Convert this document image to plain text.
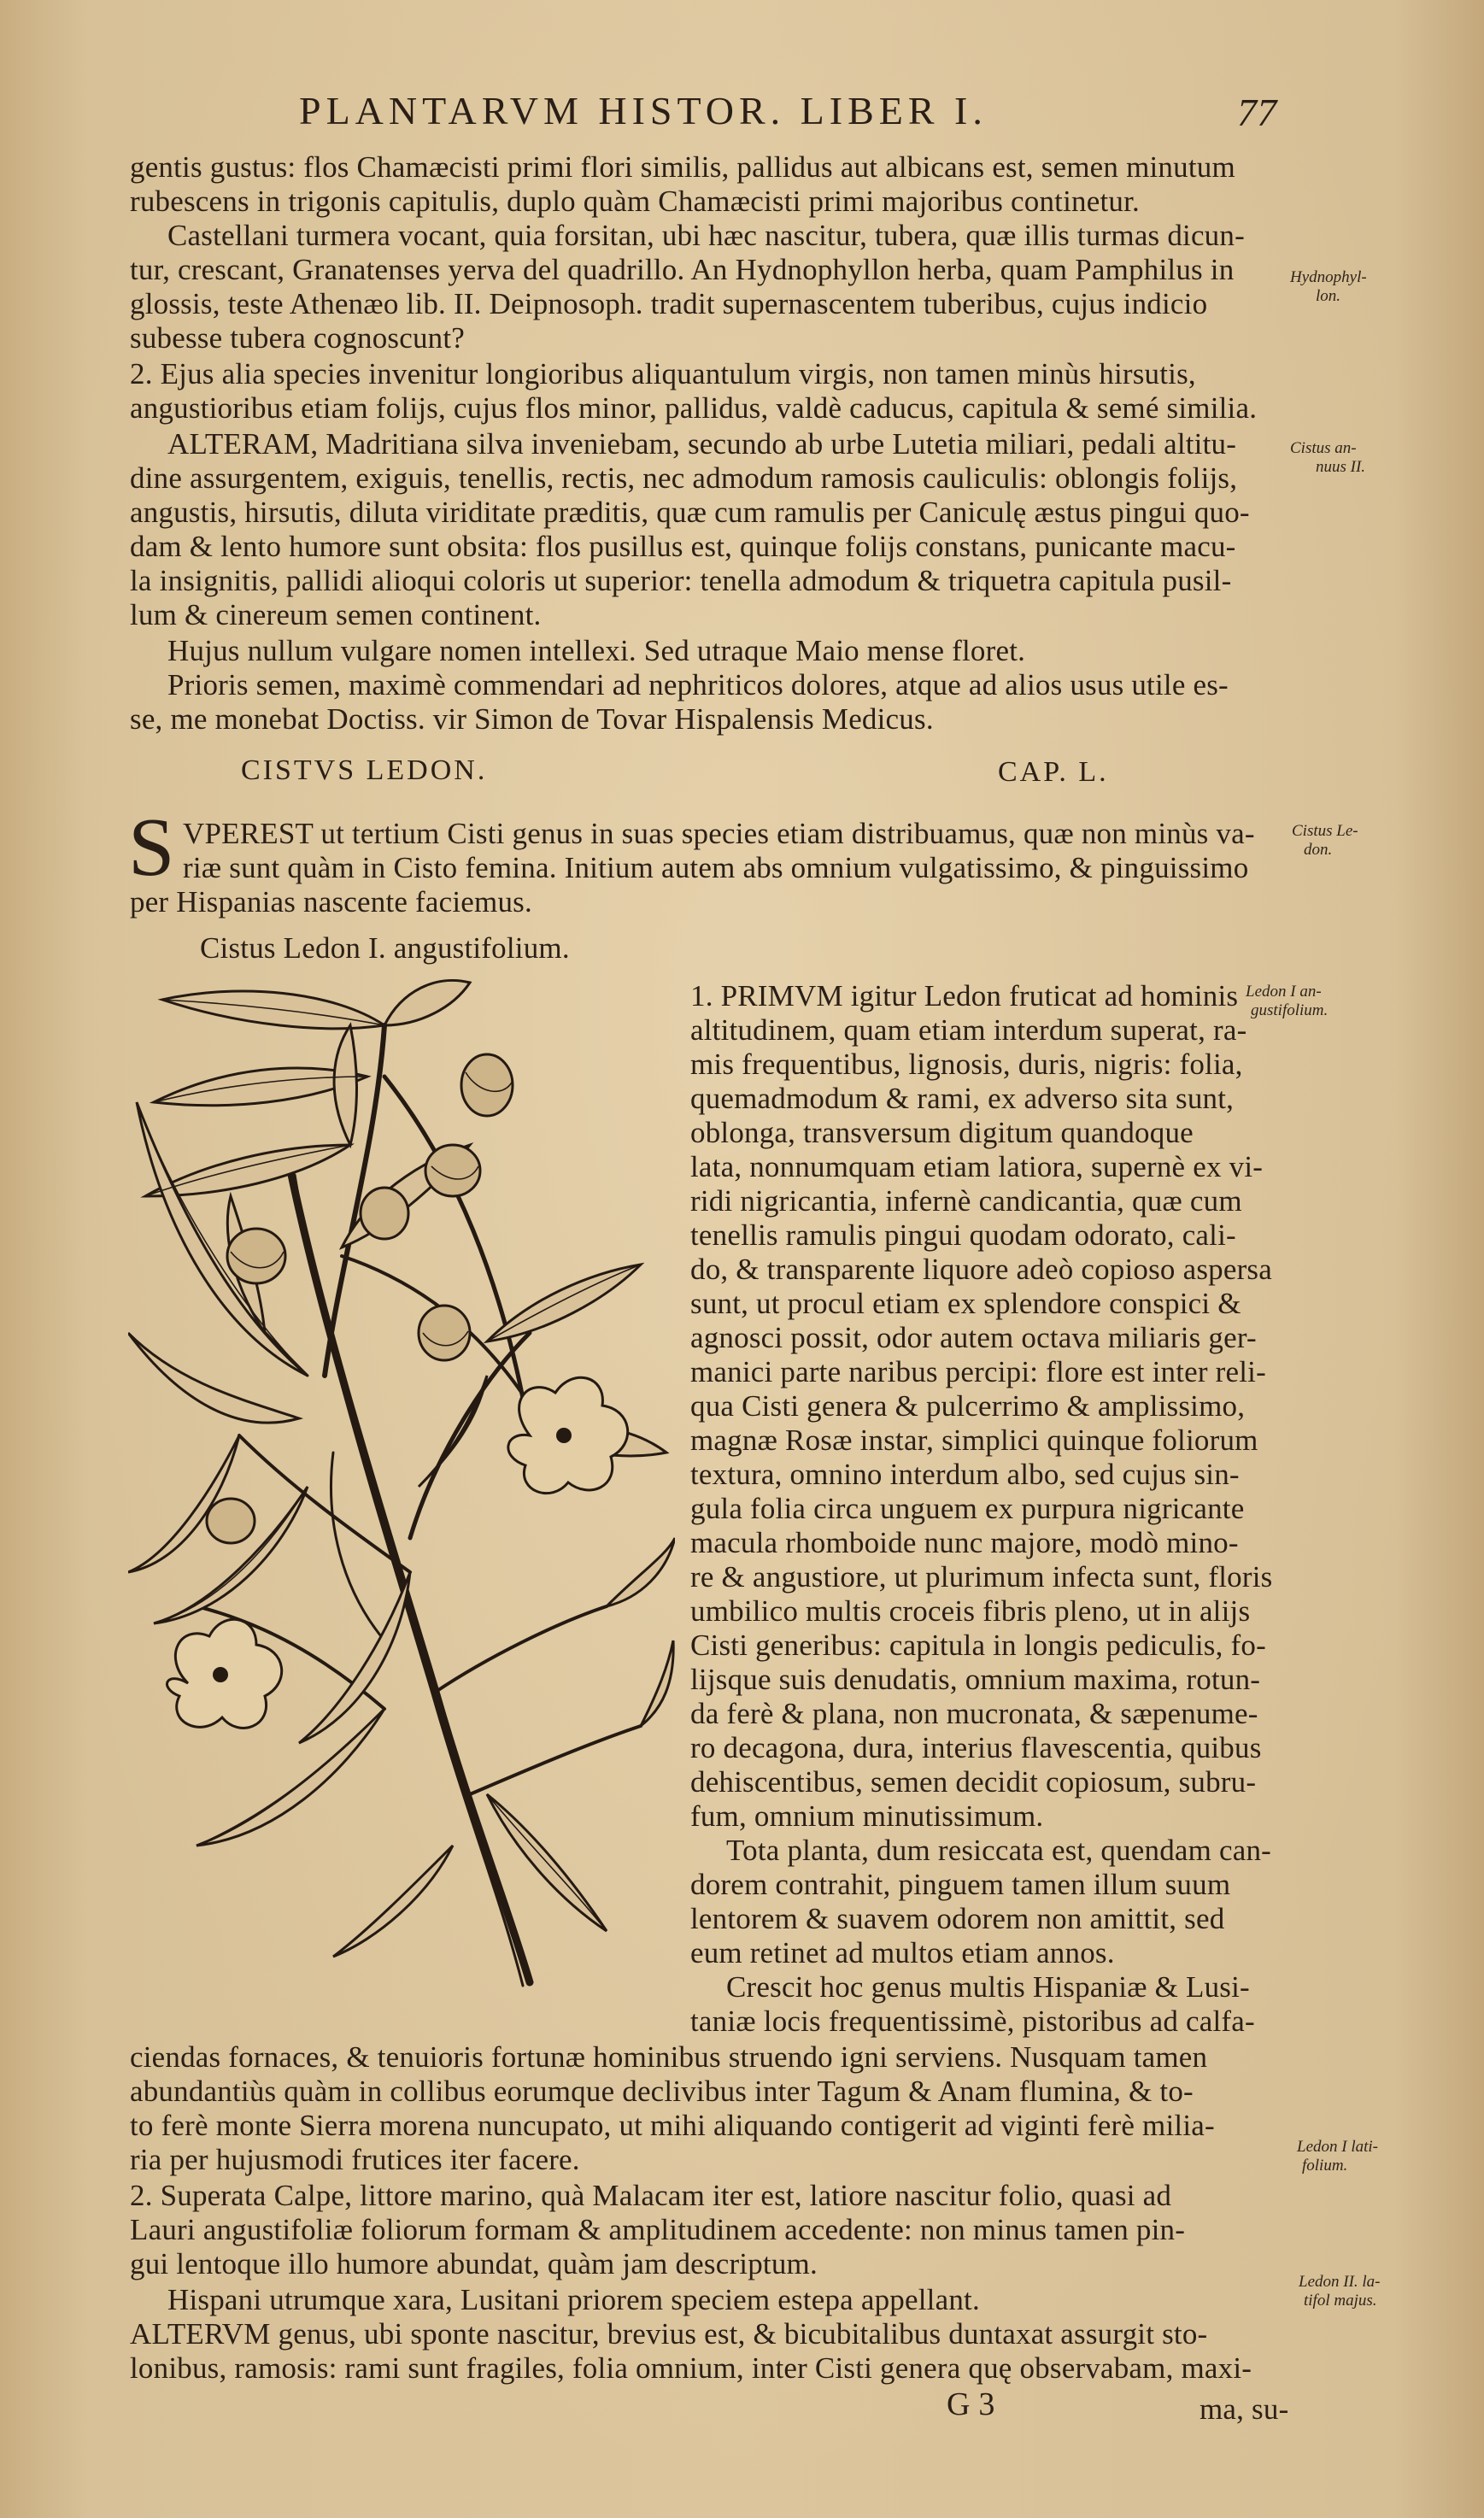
PLANTARVM HISTOR. LIBER I.	77
gentis gustus: flos Chamæcisti primi flori similis, pallidus aut albicans est, semen minutum
rubescens in trigonis capitulis, duplo quàm Chamæcisti primi majoribus continetur.
Castellani turmera vocant, quia forsitan, ubi hæc nascitur, tubera, quæ illis turmas dicun-
tur, crescant, Granatenses yerva del quadrillo. An Hydnophyllon herba, quam Pamphilus in
glossis, teste Athenæo lib. II. Deipnosoph. tradit supernascentem tuberibus, cujus indicio
subesse tubera cognoscunt?
2. Ejus alia species invenitur longioribus aliquantulum virgis, non tamen minùs hirsutis,
angustioribus etiam folijs, cujus flos minor, pallidus, valdè caducus, capitula & semé similia.
ALTERAM, Madritiana silva inveniebam, secundo ab urbe Lutetia miliari, pedali altitu-
dine assurgentem, exiguis, tenellis, rectis, nec admodum ramosis cauliculis: oblongis folijs,
angustis, hirsutis, diluta viriditate præditis, quæ cum ramulis per Caniculę æstus pingui quo-
dam & lento humore sunt obsita: flos pusillus est, quinque folijs constans, punicante macu-
la insignitis, pallidi alioqui coloris ut superior: tenella admodum & triquetra capitula pusil-
lum & cinereum semen continent.
Hujus nullum vulgare nomen intellexi. Sed utraque Maio mense floret.
Prioris semen, maximè commendari ad nephriticos dolores, atque ad alios usus utile es-
se, me monebat Doctiss. vir Simon de Tovar Hispalensis Medicus.
Hydnophyl-
lon.
Cistus an-
nuus II.
Cistus Le-
don.
Ledon I an-
gustifolium.
Ledon I lati-
folium.
Ledon II. la-
tifol majus.
CISTVS LEDON.	CAP. L.
S VPEREST ut tertium Cisti genus in suas species etiam distribuamus, quæ non minùs va-
riæ sunt quàm in Cisto femina. Initium autem abs omnium vulgatissimo, & pinguissimo
per Hispanias nascente faciemus.
Cistus Ledon I. angustifolium.
1. PRIMVM igitur Ledon fruticat ad hominis
altitudinem, quam etiam interdum superat, ra-
mis frequentibus, lignosis, duris, nigris: folia,
quemadmodum & rami, ex adverso sita sunt,
oblonga, transversum digitum quandoque
lata, nonnumquam etiam latiora, supernè ex vi-
ridi nigricantia, infernè candicantia, quæ cum
tenellis ramulis pingui quodam odorato, cali-
do, & transparente liquore adeò copioso aspersa
sunt, ut procul etiam ex splendore conspici &
agnosci possit, odor autem octava miliaris ger-
manici parte naribus percipi: flore est inter reli-
qua Cisti genera & pulcerrimo & amplissimo,
magnæ Rosæ instar, simplici quinque foliorum
textura, omnino interdum albo, sed cujus sin-
gula folia circa unguem ex purpura nigricante
macula rhomboide nunc majore, modò mino-
re & angustiore, ut plurimum infecta sunt, floris
umbilico multis croceis fibris pleno, ut in alijs
Cisti generibus: capitula in longis pediculis, fo-
lijsque suis denudatis, omnium maxima, rotun-
da ferè & plana, non mucronata, & sæpenume-
ro decagona, dura, interius flavescentia, quibus
dehiscentibus, semen decidit copiosum, subru-
fum, omnium minutissimum.
Tota planta, dum resiccata est, quendam can-
dorem contrahit, pinguem tamen illum suum
lentorem & suavem odorem non amittit, sed
eum retinet ad multos etiam annos.
Crescit hoc genus multis Hispaniæ & Lusi-
taniæ locis frequentissimè, pistoribus ad calfa-
ciendas fornaces, & tenuioris fortunæ hominibus struendo igni serviens. Nusquam tamen
abundantiùs quàm in collibus eorumque declivibus inter Tagum & Anam flumina, & to-
to ferè monte Sierra morena nuncupato, ut mihi aliquando contigerit ad viginti ferè milia-
ria per hujusmodi frutices iter facere.
2. Superata Calpe, littore marino, quà Malacam iter est, latiore nascitur folio, quasi ad
Lauri angustifoliæ foliorum formam & amplitudinem accedente: non minus tamen pin-
gui lentoque illo humore abundat, quàm jam descriptum.
Hispani utrumque xara, Lusitani priorem speciem estepa appellant.
ALTERVM genus, ubi sponte nascitur, brevius est, & bicubitalibus duntaxat assurgit sto-
lonibus, ramosis: rami sunt fragiles, folia omnium, inter Cisti genera quę observabam, maxi-
G 3	ma, su-
